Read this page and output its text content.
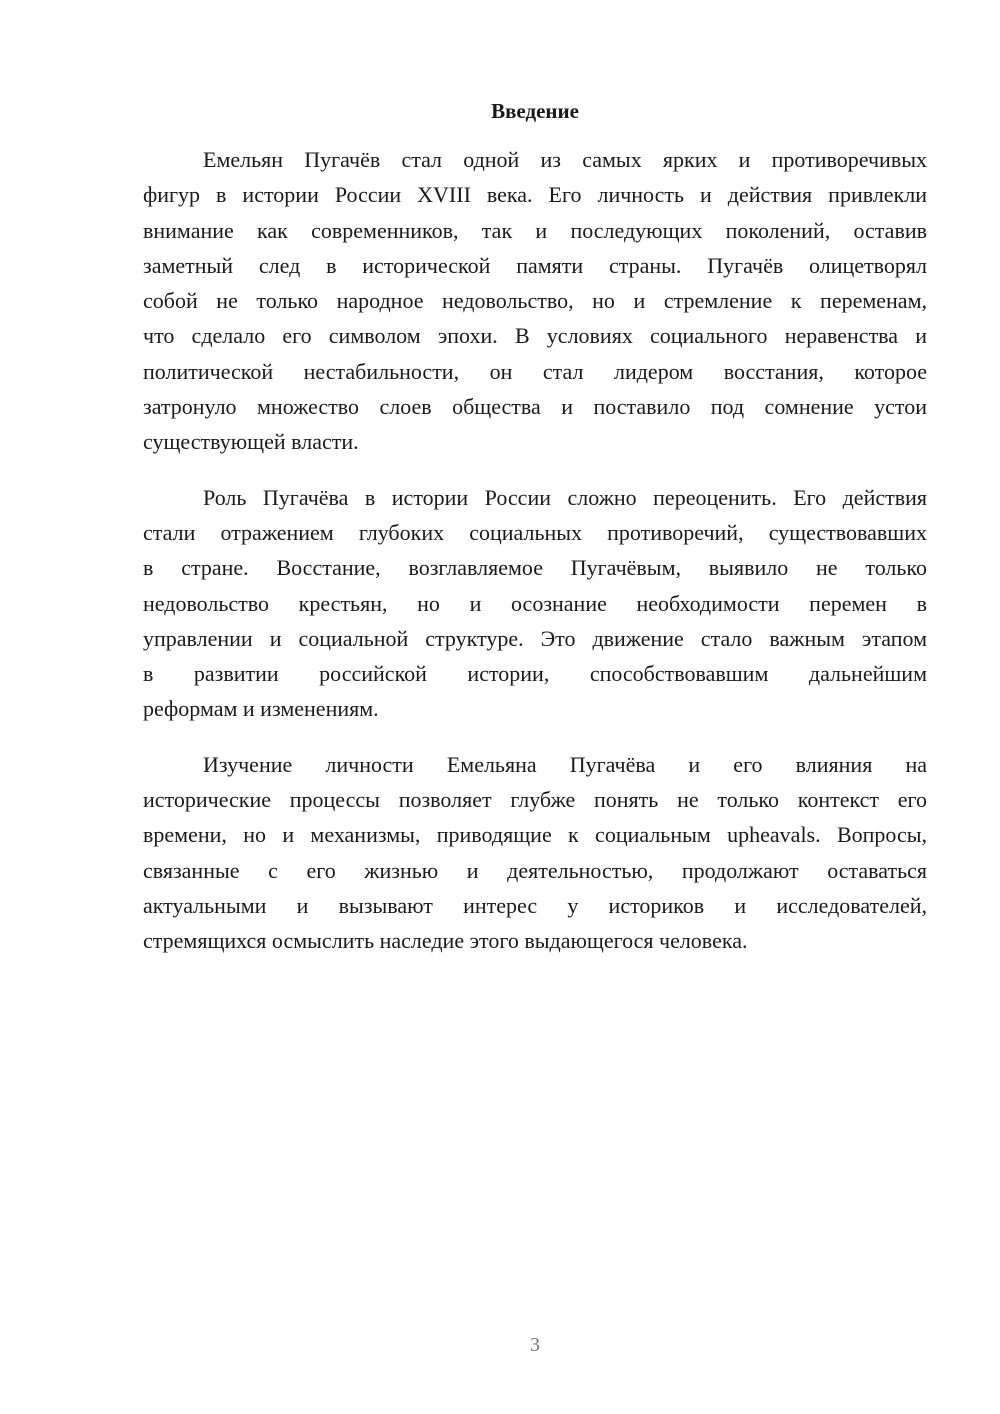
Введение
Емельян Пугачёв стал одной из самых ярких и противоречивых
фигур в истории России XVIII века. Его личность и действия привлекли
внимание как современников, так и последующих поколений, оставив
заметный след в исторической памяти страны. Пугачёв олицетворял
собой не только народное недовольство, но и стремление к переменам,
что сделало его символом эпохи. В условиях социального неравенства и
политической нестабильности, он стал лидером восстания, которое
затронуло множество слоев общества и поставило под сомнение устои
существующей власти.
Роль Пугачёва в истории России сложно переоценить. Его действия
стали отражением глубоких социальных противоречий, существовавших
в стране. Восстание, возглавляемое Пугачёвым, выявило не только
недовольство крестьян, но и осознание необходимости перемен в
управлении и социальной структуре. Это движение стало важным этапом
в развитии российской истории, способствовавшим дальнейшим
реформам и изменениям.
Изучение личности Емельяна Пугачёва и его влияния на
исторические процессы позволяет глубже понять не только контекст его
времени, но и механизмы, приводящие к социальным upheavals. Вопросы,
связанные с его жизнью и деятельностью, продолжают оставаться
актуальными и вызывают интерес у историков и исследователей,
стремящихся осмыслить наследие этого выдающегося человека.
3
